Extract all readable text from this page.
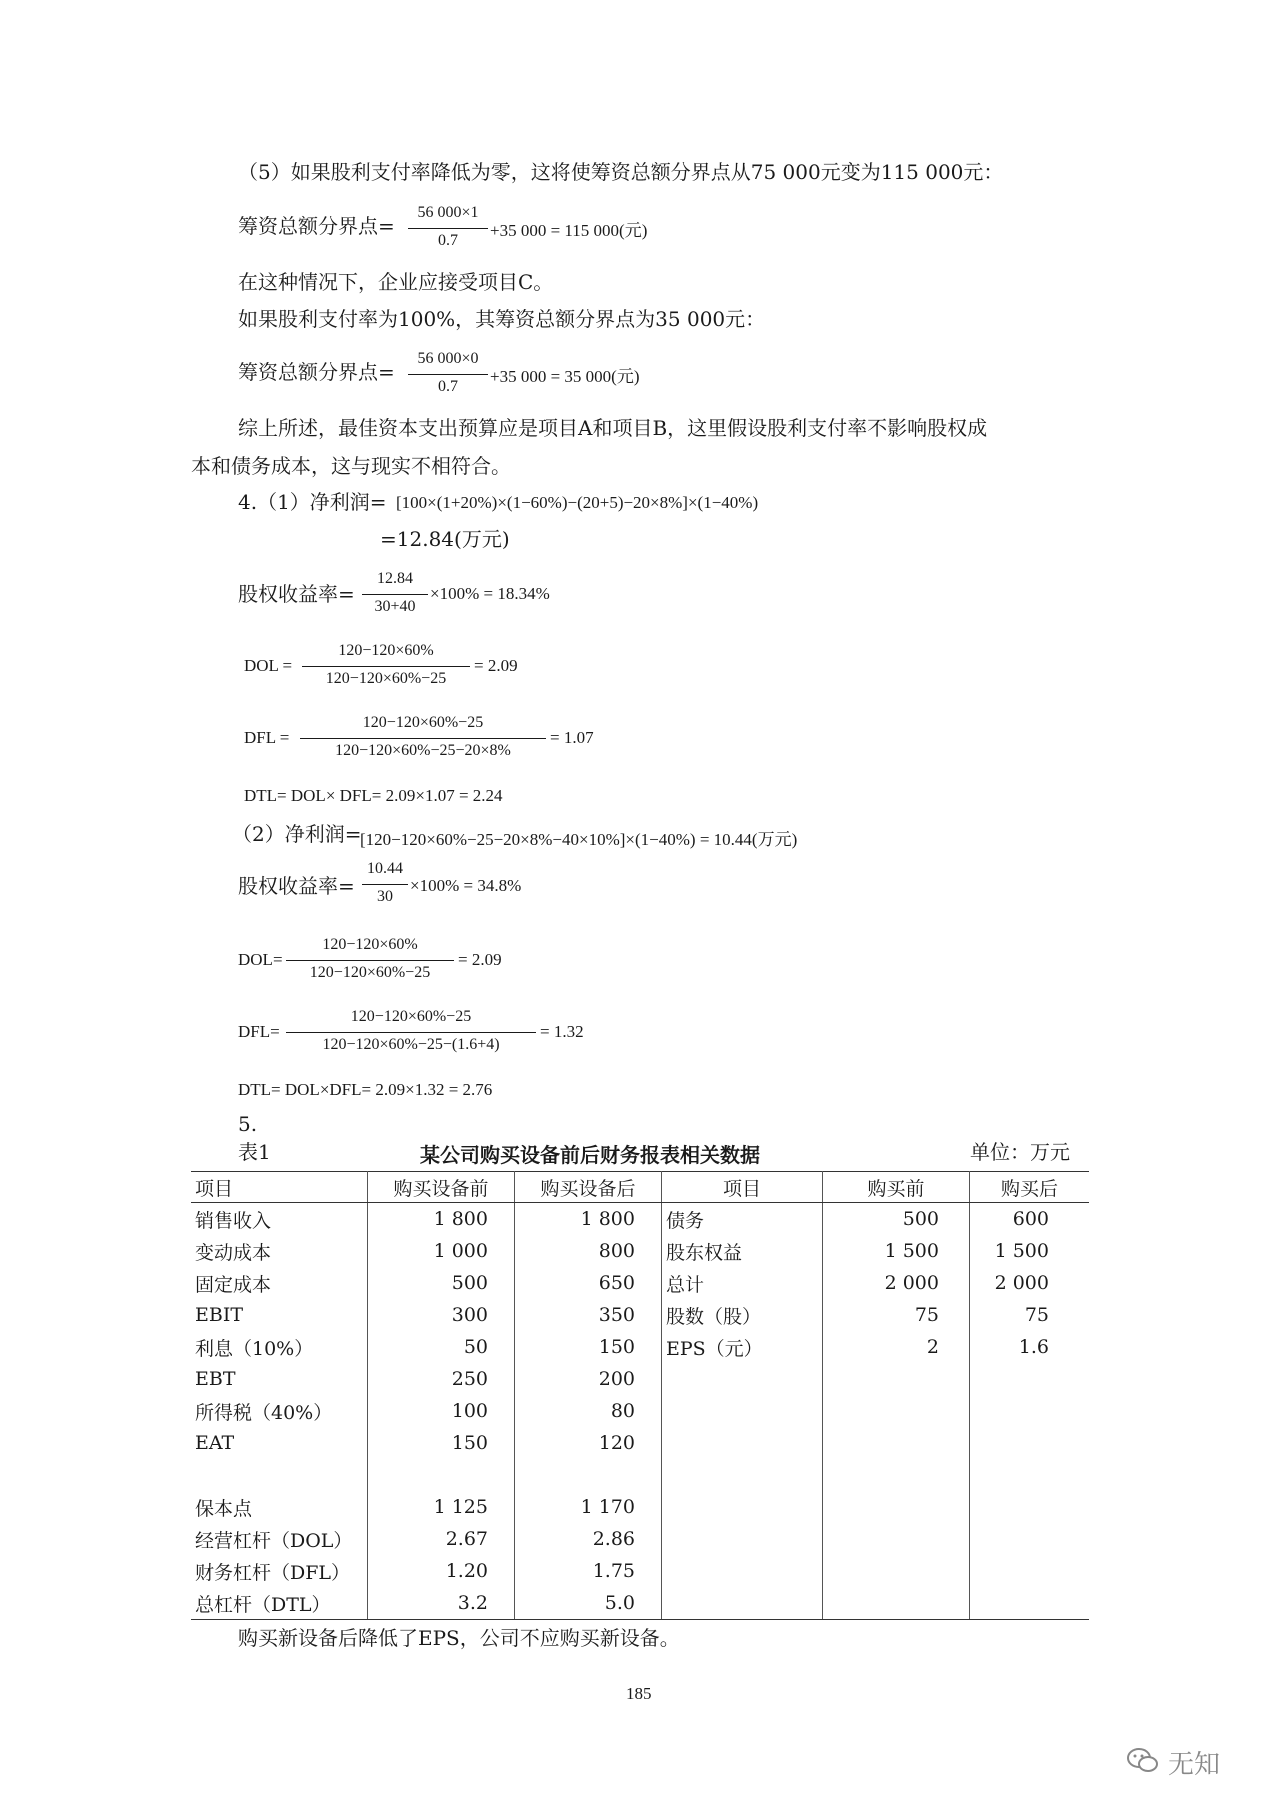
（5）如果股利支付率降低为零，这将使筹资总额分界点从75 000元变为115 000元：
筹资总额分界点=
56 000×1
0.7
+35 000 = 115 000(元)
在这种情况下，企业应接受项目C。
如果股利支付率为100%，其筹资总额分界点为35 000元：
筹资总额分界点=
56 000×0
0.7
+35 000 = 35 000(元)
综上所述，最佳资本支出预算应是项目A和项目B，这里假设股利支付率不影响股权成
本和债务成本，这与现实不相符合。
4.（1）净利润= [100×(1+20%)×(1−60%)−(20+5)−20×8%]×(1−40%)
=12.84(万元)
股权收益率=
12.84
30+40
×100% = 18.34%
DOL =
120−120×60%
120−120×60%−25
= 2.09
DFL =
120−120×60%−25
120−120×60%−25−20×8%
= 1.07
DTL= DOL× DFL= 2.09×1.07 = 2.24
（2）净利润=
[120−120×60%−25−20×8%−40×10%]×(1−40%) = 10.44(万元)
股权收益率=
10.44
30
×100% = 34.8%
DOL=
120−120×60%
120−120×60%−25
= 2.09
DFL=
120−120×60%−25
120−120×60%−25−(1.6+4)
= 1.32
DTL= DOL×DFL= 2.09×1.32 = 2.76
5.
表1	某公司购买设备前后财务报表相关数据	单位：万元
项目	购买设备前	购买设备后	项目	购买前	购买后
销售收入	1 800	1 800	债务	500	600
变动成本	1 000	800	股东权益	1 500	1 500
固定成本	500	650	总计	2 000	2 000
EBIT	300	350	股数（股）	75	75
利息（10%）	50	150	EPS（元）	2	1.6
EBT	250	200			
所得税（40%）	100	80			
EAT	150	120			

保本点	1 125	1 170			
经营杠杆（DOL）	2.67	2.86			
财务杠杆（DFL）	1.20	1.75			
总杠杆（DTL）	3.2	5.0			
购买新设备后降低了EPS，公司不应购买新设备。
185
无知
